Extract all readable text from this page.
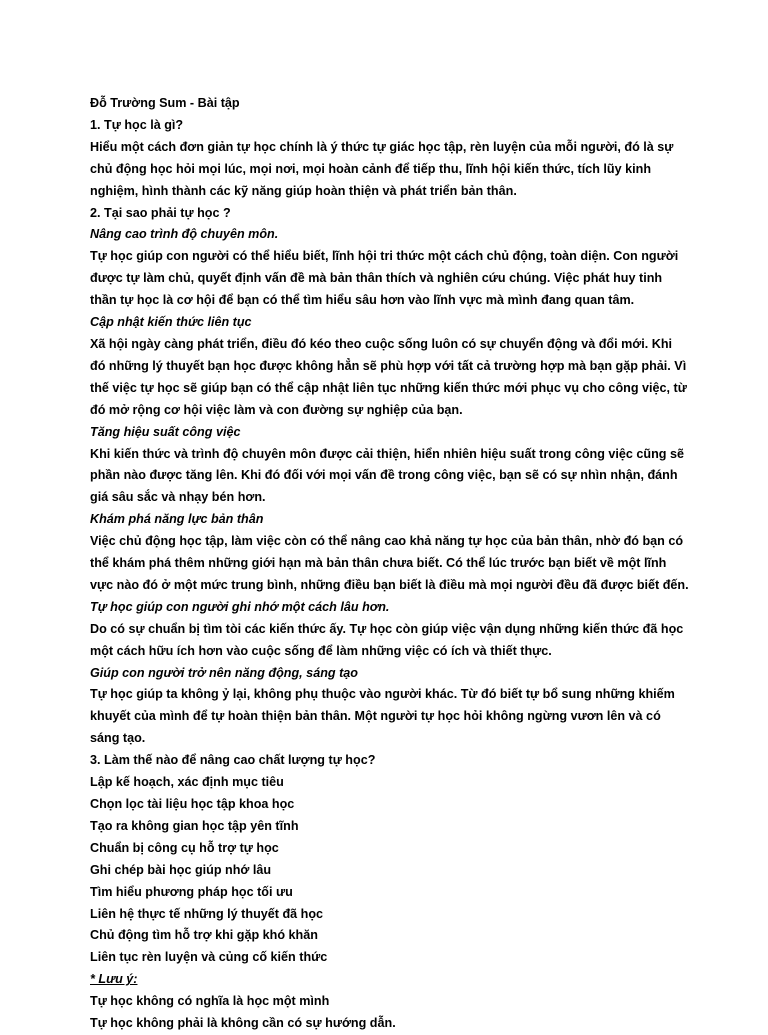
Đỗ Trường Sum - Bài tập
1. Tự học là gì?

Hiểu một cách đơn giản tự học chính là ý thức tự giác học tập, rèn luyện của mỗi người, đó là sự chủ động học hỏi mọi lúc, mọi nơi, mọi hoàn cảnh để tiếp thu, lĩnh hội kiến thức, tích lũy kinh nghiệm, hình thành các kỹ năng giúp hoàn thiện và phát triển bản thân.

2. Tại sao phải tự học ?
Nâng cao trình độ chuyên môn.

Tự học giúp con người có thể hiểu biết, lĩnh hội tri thức một cách chủ động, toàn diện. Con người được tự làm chủ, quyết định vấn đề mà bản thân thích và nghiên cứu chúng. Việc phát huy tinh thần tự học là cơ hội để bạn có thể tìm hiểu sâu hơn vào lĩnh vực mà mình đang quan tâm.

Cập nhật kiến thức liên tục

Xã hội ngày càng phát triển, điều đó kéo theo cuộc sống luôn có sự chuyển động và đổi mới. Khi đó những lý thuyết bạn học được không hẳn sẽ phù hợp với tất cả trường hợp mà bạn gặp phải. Vì thế việc tự học sẽ giúp bạn có thể cập nhật liên tục những kiến thức mới phục vụ cho công việc, từ đó mở rộng cơ hội việc làm và con đường sự nghiệp của bạn.

Tăng hiệu suất công việc

Khi kiến thức và trình độ chuyên môn được cải thiện, hiển nhiên hiệu suất trong công việc cũng sẽ phần nào được tăng lên. Khi đó đối với mọi vấn đề trong công việc, bạn sẽ có sự nhìn nhận, đánh giá sâu sắc và nhạy bén hơn.

Khám phá năng lực bản thân

Việc chủ động học tập, làm việc còn có thể nâng cao khả năng tự học của bản thân, nhờ đó bạn có thể khám phá thêm những giới hạn mà bản thân chưa biết. Có thể lúc trước bạn biết về một lĩnh vực nào đó ở một mức trung bình, những điều bạn biết là điều mà mọi người đều đã được biết đến.

Tự học giúp con người ghi nhớ một cách lâu hơn.

Do có sự chuẩn bị tìm tòi các kiến thức ấy. Tự học còn giúp việc vận dụng những kiến thức đã học một cách hữu ích hơn vào cuộc sống để làm những việc có ích và thiết thực.

Giúp con người trở nên năng động, sáng tạo

Tự học giúp ta không ỷ lại, không phụ thuộc vào người khác. Từ đó biết tự bổ sung những khiếm khuyết của mình để tự hoàn thiện bản thân. Một người tự học hỏi không ngừng vươn lên và có sáng tạo.

3. Làm thế nào để nâng cao chất lượng tự học?
Lập kế hoạch, xác định mục tiêu
Chọn lọc tài liệu học tập khoa học
Tạo ra không gian học tập yên tĩnh
Chuẩn bị công cụ hỗ trợ tự học
Ghi chép bài học giúp nhớ lâu
Tìm hiểu phương pháp học tối ưu
Liên hệ thực tế những lý thuyết đã học
Chủ động tìm hỗ trợ khi gặp khó khăn
Liên tục rèn luyện và củng cố kiến thức
* Lưu ý:
Tự học không có nghĩa là học một mình
Tự học không phải là không cần có sự hướng dẫn.
